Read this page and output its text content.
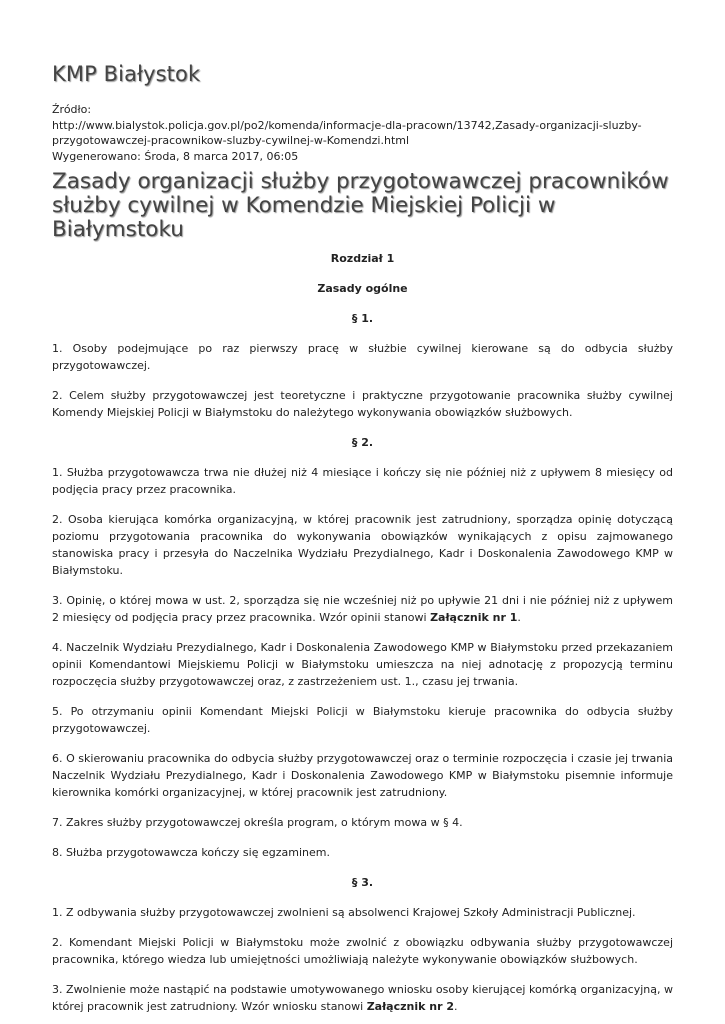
KMP Białystok
Źródło:
http://www.bialystok.policja.gov.pl/po2/komenda/informacje-dla-pracown/13742,Zasady-organizacji-sluzby-przygotowawczej-pracownikow-sluzby-cywilnej-w-Komendzi.html
Wygenerowano: Środa, 8 marca 2017, 06:05
Zasady organizacji służby przygotowawczej pracowników służby cywilnej w Komendzie Miejskiej Policji w Białymstoku

Rozdział 1

Zasady ogólne

§ 1.

1. Osoby podejmujące po raz pierwszy pracę w służbie cywilnej kierowane są do odbycia służby przygotowawczej.

2. Celem służby przygotowawczej jest teoretyczne i praktyczne przygotowanie pracownika służby cywilnej Komendy Miejskiej Policji w Białymstoku do należytego wykonywania obowiązków służbowych.

§ 2.

1. Służba przygotowawcza trwa nie dłużej niż 4 miesiące i kończy się nie później niż z upływem 8 miesięcy od podjęcia pracy przez pracownika.

2. Osoba kierująca komórka organizacyjną, w której pracownik jest zatrudniony, sporządza opinię dotyczącą poziomu przygotowania pracownika do wykonywania obowiązków wynikających z opisu zajmowanego stanowiska pracy i przesyła do Naczelnika Wydziału Prezydialnego, Kadr i Doskonalenia Zawodowego KMP w Białymstoku.

3. Opinię, o której mowa w ust. 2, sporządza się nie wcześniej niż po upływie 21 dni i nie później niż z upływem 2 miesięcy od podjęcia pracy przez pracownika. Wzór opinii stanowi Załącznik nr 1.

4. Naczelnik Wydziału Prezydialnego, Kadr i Doskonalenia Zawodowego KMP w Białymstoku przed przekazaniem opinii Komendantowi Miejskiemu Policji w Białymstoku umieszcza na niej adnotację z propozycją terminu rozpoczęcia służby przygotowawczej oraz, z zastrzeżeniem ust. 1., czasu jej trwania.

5. Po otrzymaniu opinii Komendant Miejski Policji w Białymstoku kieruje pracownika do odbycia służby przygotowawczej.

6. O skierowaniu pracownika do odbycia służby przygotowawczej oraz o terminie rozpoczęcia i czasie jej trwania Naczelnik Wydziału Prezydialnego, Kadr i Doskonalenia Zawodowego KMP w Białymstoku pisemnie informuje kierownika komórki organizacyjnej, w której pracownik jest zatrudniony.

7. Zakres służby przygotowawczej określa program, o którym mowa w § 4.

8. Służba przygotowawcza kończy się egzaminem.

§ 3.

1. Z odbywania służby przygotowawczej zwolnieni są absolwenci Krajowej Szkoły Administracji Publicznej.

2. Komendant Miejski Policji w Białymstoku może zwolnić z obowiązku odbywania służby przygotowawczej pracownika, którego wiedza lub umiejętności umożliwiają należyte wykonywanie obowiązków służbowych.

3. Zwolnienie może nastąpić na podstawie umotywowanego wniosku osoby kierującej komórką organizacyjną, w której pracownik jest zatrudniony. Wzór wniosku stanowi Załącznik nr 2.
